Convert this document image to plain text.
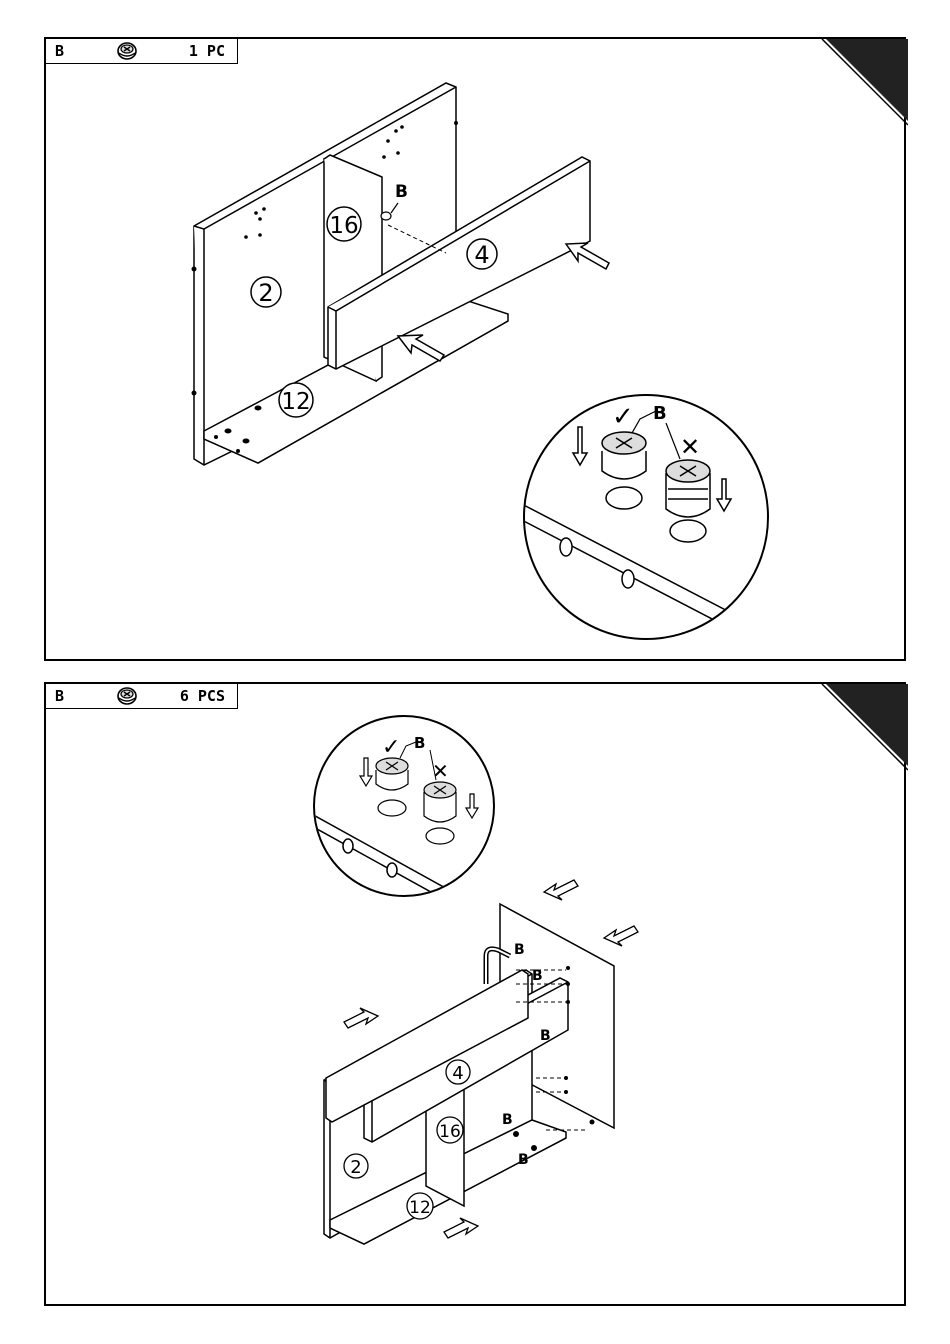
B	1 PC
2
16
4
12
B
B
✓
✕
B	6 PCS
B
✓
✕
2
16
4
12
B
B
B
B
B
